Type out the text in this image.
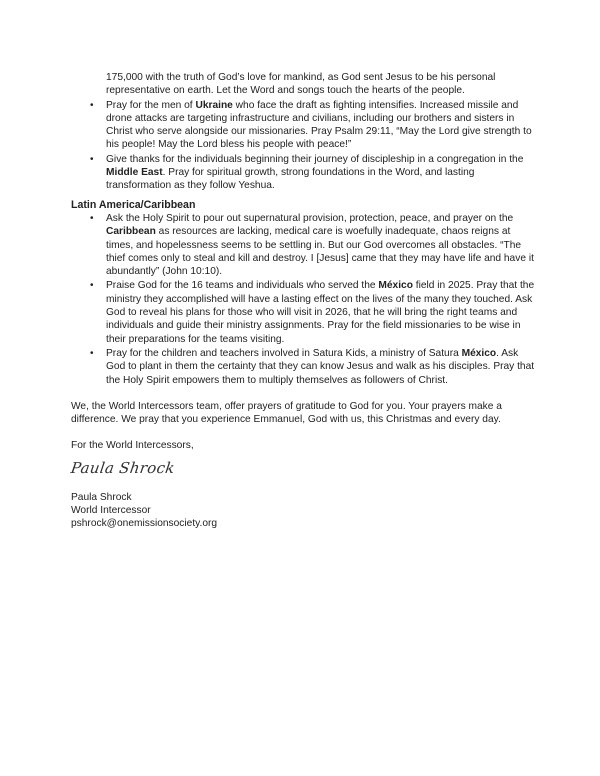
175,000 with the truth of God’s love for mankind, as God sent Jesus to be his personal representative on earth. Let the Word and songs touch the hearts of the people.
• Pray for the men of Ukraine who face the draft as fighting intensifies. Increased missile and drone attacks are targeting infrastructure and civilians, including our brothers and sisters in Christ who serve alongside our missionaries. Pray Psalm 29:11, “May the Lord give strength to his people! May the Lord bless his people with peace!”
• Give thanks for the individuals beginning their journey of discipleship in a congregation in the Middle East. Pray for spiritual growth, strong foundations in the Word, and lasting transformation as they follow Yeshua.

Latin America/Caribbean

• Ask the Holy Spirit to pour out supernatural provision, protection, peace, and prayer on the Caribbean as resources are lacking, medical care is woefully inadequate, chaos reigns at times, and hopelessness seems to be settling in. But our God overcomes all obstacles. “The thief comes only to steal and kill and destroy. I [Jesus] came that they may have life and have it abundantly” (John 10:10).
• Praise God for the 16 teams and individuals who served the México field in 2025. Pray that the ministry they accomplished will have a lasting effect on the lives of the many they touched. Ask God to reveal his plans for those who will visit in 2026, that he will bring the right teams and individuals and guide their ministry assignments. Pray for the field missionaries to be wise in their preparations for the teams visiting.
• Pray for the children and teachers involved in Satura Kids, a ministry of Satura México. Ask God to plant in them the certainty that they can know Jesus and walk as his disciples. Pray that the Holy Spirit empowers them to multiply themselves as followers of Christ.

We, the World Intercessors team, offer prayers of gratitude to God for you. Your prayers make a difference. We pray that you experience Emmanuel, God with us, this Christmas and every day.

For the World Intercessors,

Paula Shrock

Paula Shrock

World Intercessor

pshrock@onemissionsociety.org
